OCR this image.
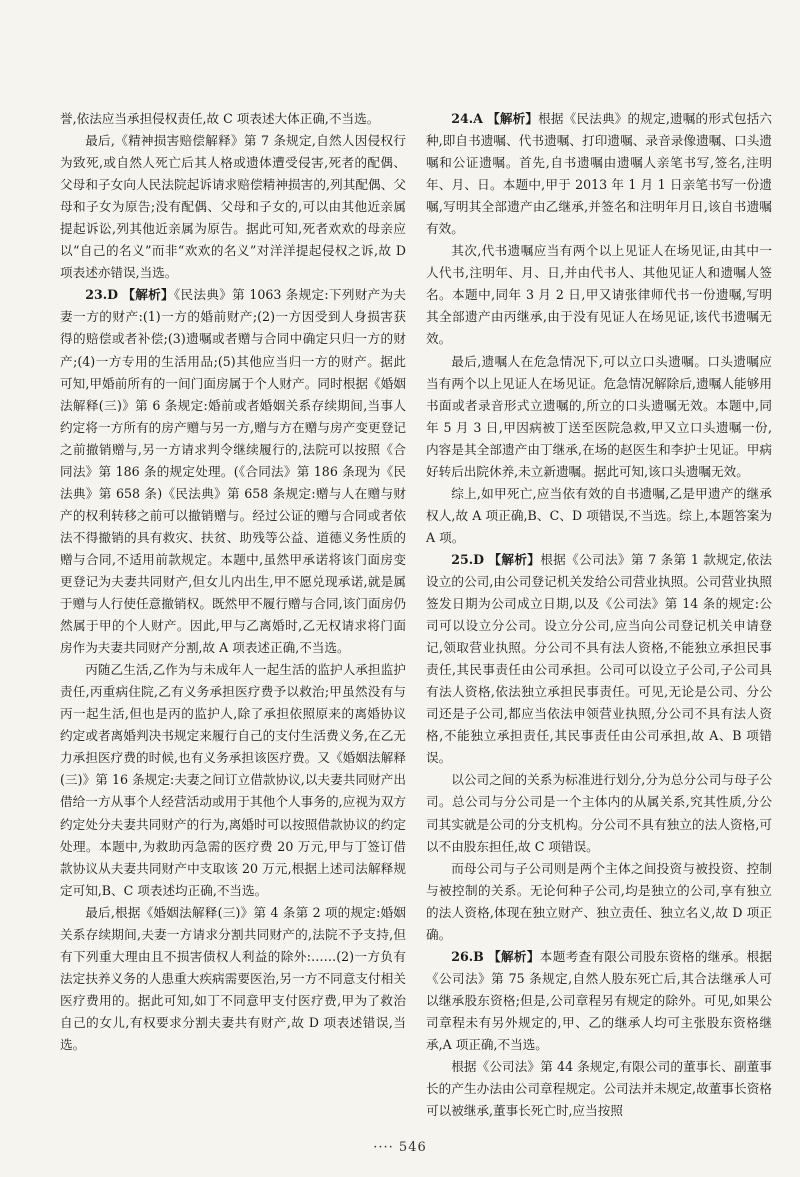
誉,依法应当承担侵权责任,故 C 项表述大体正确,不当选。

最后,《精神损害赔偿解释》第 7 条规定,自然人因侵权行为致死,或自然人死亡后其人格或遗体遭受侵害,死者的配偶、父母和子女向人民法院起诉请求赔偿精神损害的,列其配偶、父母和子女为原告;没有配偶、父母和子女的,可以由其他近亲属提起诉讼,列其他近亲属为原告。据此可知,死者欢欢的母亲应以“自己的名义”而非“欢欢的名义”对洋洋提起侵权之诉,故 D 项表述亦错误,当选。

23.D 【解析】《民法典》第 1063 条规定:下列财产为夫妻一方的财产:(1)一方的婚前财产;(2)一方因受到人身损害获得的赔偿或者补偿;(3)遗嘱或者赠与合同中确定只归一方的财产;(4)一方专用的生活用品;(5)其他应当归一方的财产。据此可知,甲婚前所有的一间门面房属于个人财产。同时根据《婚姻法解释(三)》第 6 条规定:婚前或者婚姻关系存续期间,当事人约定将一方所有的房产赠与另一方,赠与方在赠与房产变更登记之前撤销赠与,另一方请求判令继续履行的,法院可以按照《合同法》第 186 条的规定处理。(《合同法》第 186 条现为《民法典》第 658 条)《民法典》第 658 条规定:赠与人在赠与财产的权利转移之前可以撤销赠与。经过公证的赠与合同或者依法不得撤销的具有救灾、扶贫、助残等公益、道德义务性质的赠与合同,不适用前款规定。本题中,虽然甲承诺将该门面房变更登记为夫妻共同财产,但女儿内出生,甲不愿兑现承诺,就是属于赠与人行使任意撤销权。既然甲不履行赠与合同,该门面房仍然属于甲的个人财产。因此,甲与乙离婚时,乙无权请求将门面房作为夫妻共同财产分割,故 A 项表述正确,不当选。

丙随乙生活,乙作为与未成年人一起生活的监护人承担监护责任,丙重病住院,乙有义务承担医疗费予以救治;甲虽然没有与丙一起生活,但也是丙的监护人,除了承担依照原来的离婚协议约定或者离婚判决书规定来履行自己的支付生活费义务,在乙无力承担医疗费的时候,也有义务承担该医疗费。又《婚姻法解释(三)》第 16 条规定:夫妻之间订立借款协议,以夫妻共同财产出借给一方从事个人经营活动或用于其他个人事务的,应视为双方约定处分夫妻共同财产的行为,离婚时可以按照借款协议的约定处理。本题中,为救助丙急需的医疗费 20 万元,甲与丁签订借款协议从夫妻共同财产中支取该 20 万元,根据上述司法解释规定可知,B、C 项表述均正确,不当选。

最后,根据《婚姻法解释(三)》第 4 条第 2 项的规定:婚姻关系存续期间,夫妻一方请求分割共同财产的,法院不予支持,但有下列重大理由且不损害债权人利益的除外:……(2)一方负有法定扶养义务的人患重大疾病需要医治,另一方不同意支付相关医疗费用的。据此可知,如丁不同意甲支付医疗费,甲为了救治自己的女儿,有权要求分割夫妻共有财产,故 D 项表述错误,当选。

24.A 【解析】根据《民法典》的规定,遗嘱的形式包括六种,即自书遗嘱、代书遗嘱、打印遗嘱、录音录像遗嘱、口头遗嘱和公证遗嘱。首先,自书遗嘱由遗嘱人亲笔书写,签名,注明年、月、日。本题中,甲于 2013 年 1 月 1 日亲笔书写一份遗嘱,写明其全部遗产由乙继承,并签名和注明年月日,该自书遗嘱有效。

其次,代书遗嘱应当有两个以上见证人在场见证,由其中一人代书,注明年、月、日,并由代书人、其他见证人和遗嘱人签名。本题中,同年 3 月 2 日,甲又请张律师代书一份遗嘱,写明其全部遗产由丙继承,由于没有见证人在场见证,该代书遗嘱无效。

最后,遗嘱人在危急情况下,可以立口头遗嘱。口头遗嘱应当有两个以上见证人在场见证。危急情况解除后,遗嘱人能够用书面或者录音形式立遗嘱的,所立的口头遗嘱无效。本题中,同年 5 月 3 日,甲因病被丁送至医院急救,甲又立口头遗嘱一份,内容是其全部遗产由丁继承,在场的赵医生和李护士见证。甲病好转后出院休养,未立新遗嘱。据此可知,该口头遗嘱无效。

综上,如甲死亡,应当依有效的自书遗嘱,乙是甲遗产的继承权人,故 A 项正确,B、C、D 项错误,不当选。综上,本题答案为 A 项。

25.D 【解析】根据《公司法》第 7 条第 1 款规定,依法设立的公司,由公司登记机关发给公司营业执照。公司营业执照签发日期为公司成立日期,以及《公司法》第 14 条的规定:公司可以设立分公司。设立分公司,应当向公司登记机关申请登记,领取营业执照。分公司不具有法人资格,不能独立承担民事责任,其民事责任由公司承担。公司可以设立子公司,子公司具有法人资格,依法独立承担民事责任。可见,无论是公司、分公司还是子公司,都应当依法申领营业执照,分公司不具有法人资格,不能独立承担责任,其民事责任由公司承担,故 A、B 项错误。

以公司之间的关系为标准进行划分,分为总分公司与母子公司。总公司与分公司是一个主体内的从属关系,究其性质,分公司其实就是公司的分支机构。分公司不具有独立的法人资格,可以不由股东担任,故 C 项错误。

而母公司与子公司则是两个主体之间投资与被投资、控制与被控制的关系。无论何种子公司,均是独立的公司,享有独立的法人资格,体现在独立财产、独立责任、独立名义,故 D 项正确。

26.B 【解析】本题考查有限公司股东资格的继承。根据《公司法》第 75 条规定,自然人股东死亡后,其合法继承人可以继承股东资格;但是,公司章程另有规定的除外。可见,如果公司章程未有另外规定的,甲、乙的继承人均可主张股东资格继承,A 项正确,不当选。

根据《公司法》第 44 条规定,有限公司的董事长、副董事长的产生办法由公司章程规定。公司法并未规定,故董事长资格可以被继承,董事长死亡时,应当按照

···· 546
